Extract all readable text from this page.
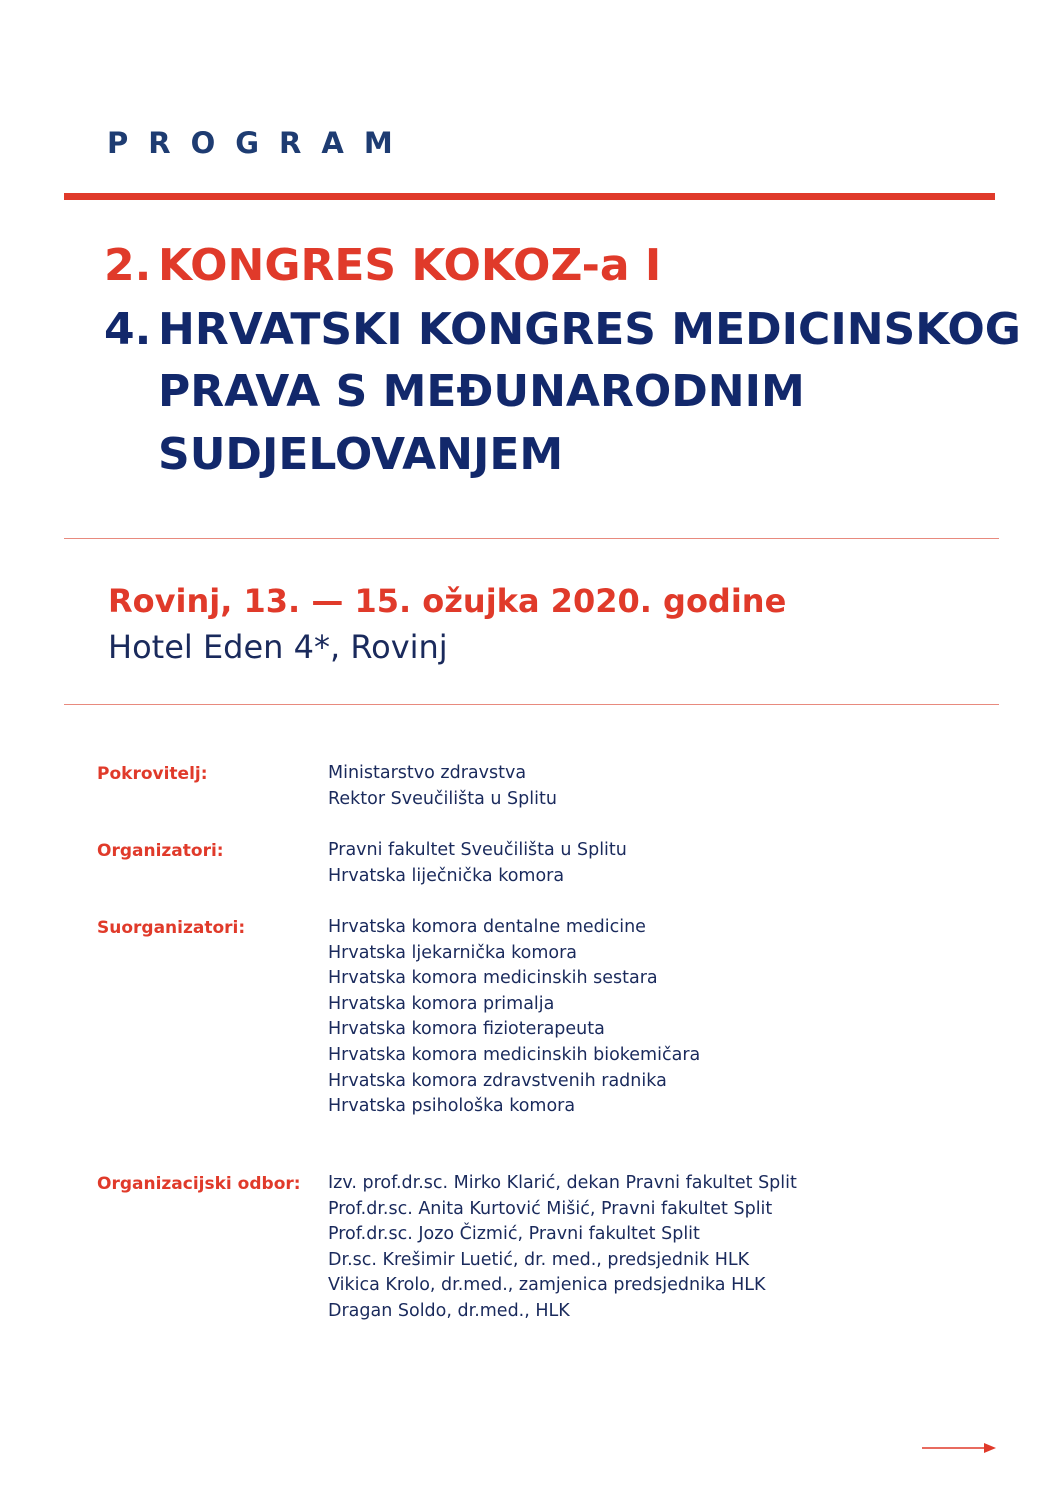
PROGRAM
2. KONGRES KOKOZ-a I
4. HRVATSKI KONGRES MEDICINSKOG
PRAVA S MEĐUNARODNIM
SUDJELOVANJEM
Rovinj, 13. — 15. ožujka 2020. godine
Hotel Eden 4*, Rovinj
Pokrovitelj:	Ministarstvo zdravstva
Rektor Sveučilišta u Splitu
Organizatori:	Pravni fakultet Sveučilišta u Splitu
Hrvatska liječnička komora
Suorganizatori:	Hrvatska komora dentalne medicine
Hrvatska ljekarnička komora
Hrvatska komora medicinskih sestara
Hrvatska komora primalja
Hrvatska komora fizioterapeuta
Hrvatska komora medicinskih biokemičara
Hrvatska komora zdravstvenih radnika
Hrvatska psihološka komora
Organizacijski odbor: Izv. prof.dr.sc. Mirko Klarić, dekan Pravni fakultet Split
Prof.dr.sc. Anita Kurtović Mišić, Pravni fakultet Split
Prof.dr.sc. Jozo Čizmić, Pravni fakultet Split
Dr.sc. Krešimir Luetić, dr. med., predsjednik HLK
Vikica Krolo, dr.med., zamjenica predsjednika HLK
Dragan Soldo, dr.med., HLK
